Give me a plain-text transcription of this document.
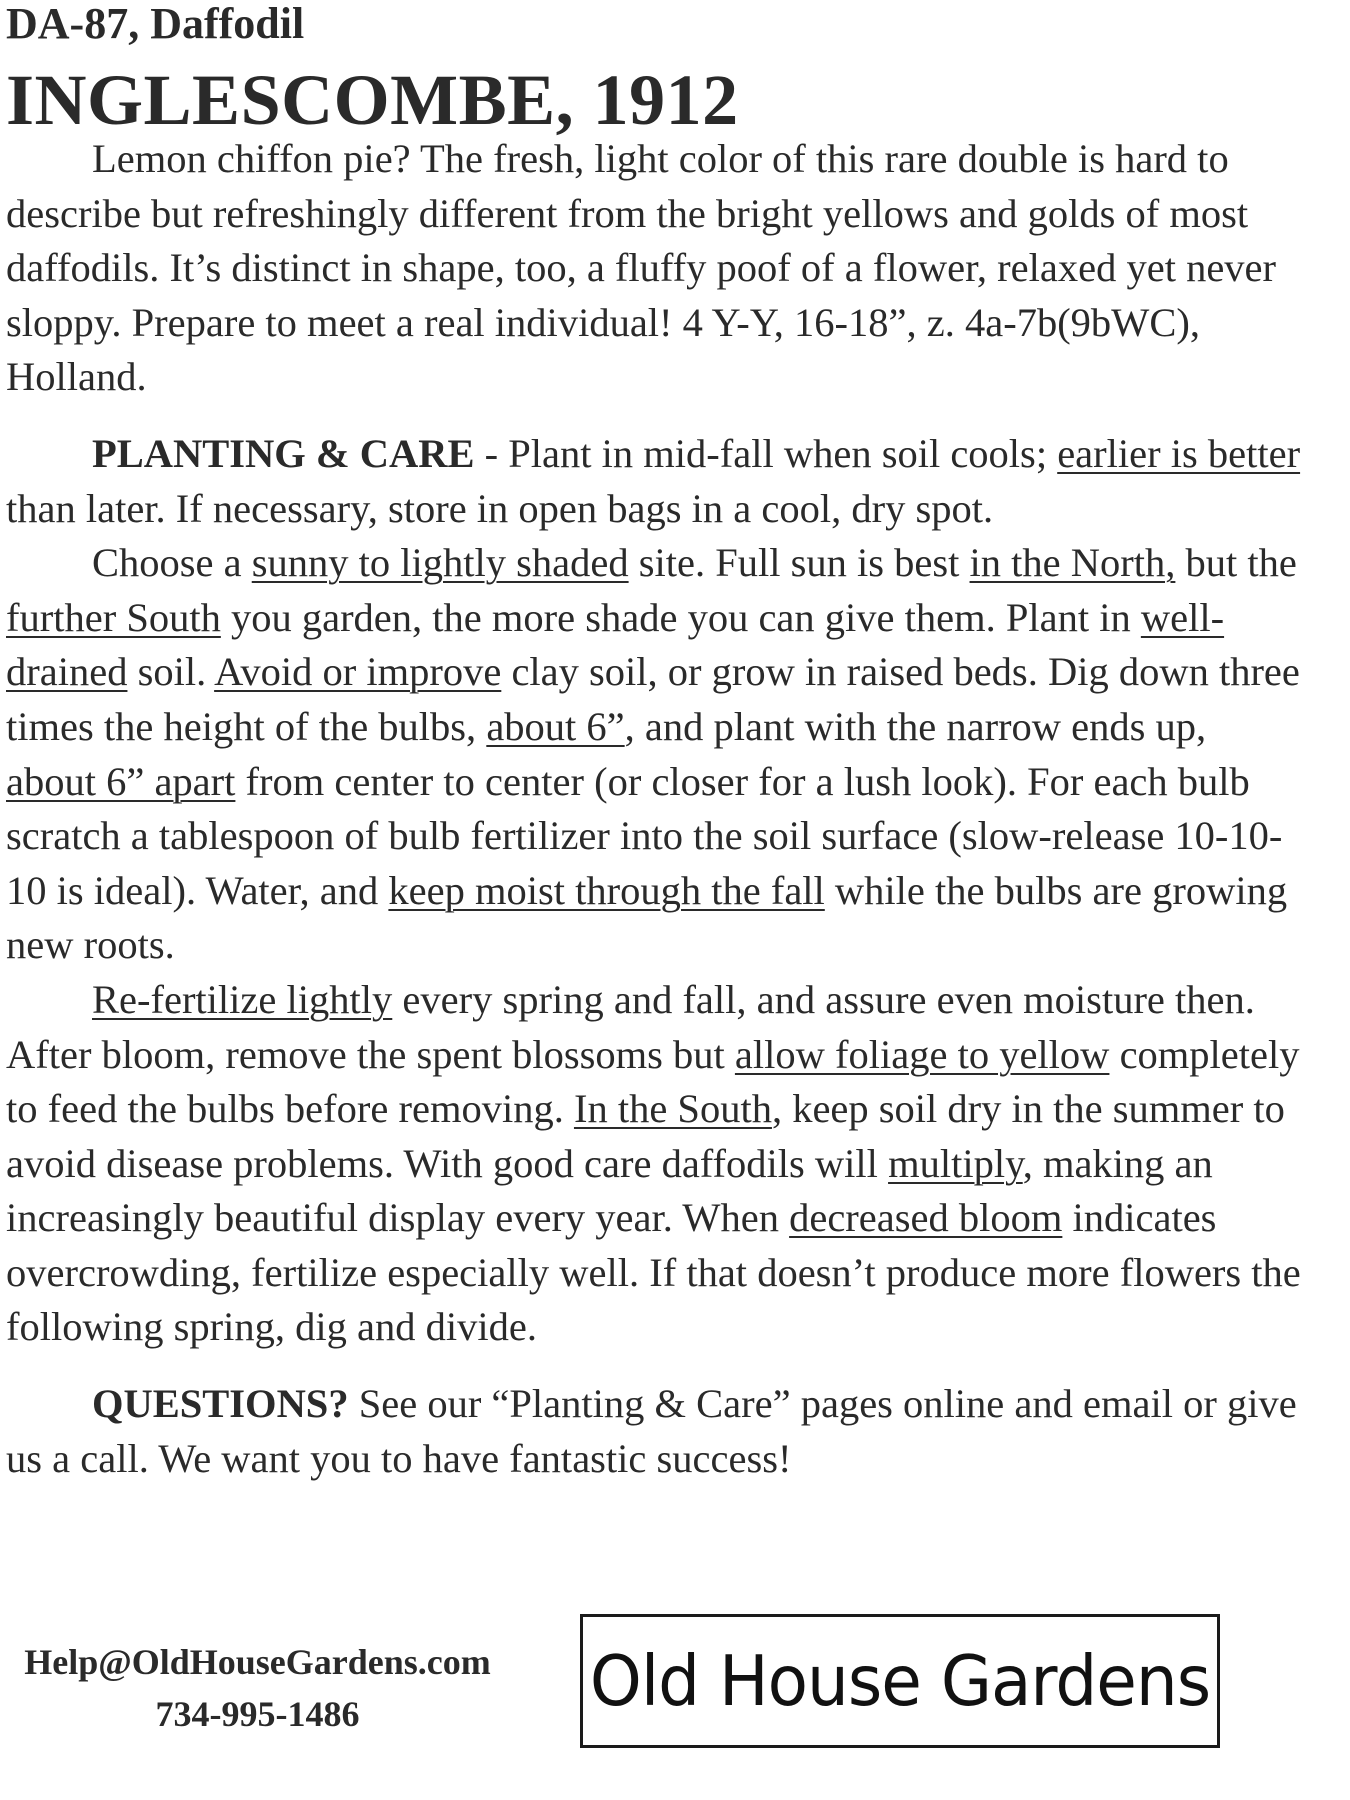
DA-87, Daffodil
INGLESCOMBE, 1912

Lemon chiffon pie? The fresh, light color of this rare double is hard to describe but refreshingly different from the bright yellows and golds of most daffodils. It’s distinct in shape, too, a fluffy poof of a flower, relaxed yet never sloppy. Prepare to meet a real individual! 4 Y-Y, 16-18”, z. 4a-7b(9bWC), Holland.

PLANTING & CARE - Plant in mid-fall when soil cools; earlier is better than later. If necessary, store in open bags in a cool, dry spot.

Choose a sunny to lightly shaded site. Full sun is best in the North, but the further South you garden, the more shade you can give them. Plant in well-drained soil. Avoid or improve clay soil, or grow in raised beds. Dig down three times the height of the bulbs, about 6”, and plant with the narrow ends up, about 6” apart from center to center (or closer for a lush look). For each bulb scratch a tablespoon of bulb fertilizer into the soil surface (slow-release 10-10-10 is ideal). Water, and keep moist through the fall while the bulbs are growing new roots.

Re-fertilize lightly every spring and fall, and assure even moisture then. After bloom, remove the spent blossoms but allow foliage to yellow completely to feed the bulbs before removing. In the South, keep soil dry in the summer to avoid disease problems. With good care daffodils will multiply, making an increasingly beautiful display every year. When decreased bloom indicates overcrowding, fertilize especially well. If that doesn’t produce more flowers the following spring, dig and divide.

QUESTIONS? See our “Planting & Care” pages online and email or give us a call. We want you to have fantastic success!

Help@OldHouseGardens.com
734-995-1486	Old House Gardens
